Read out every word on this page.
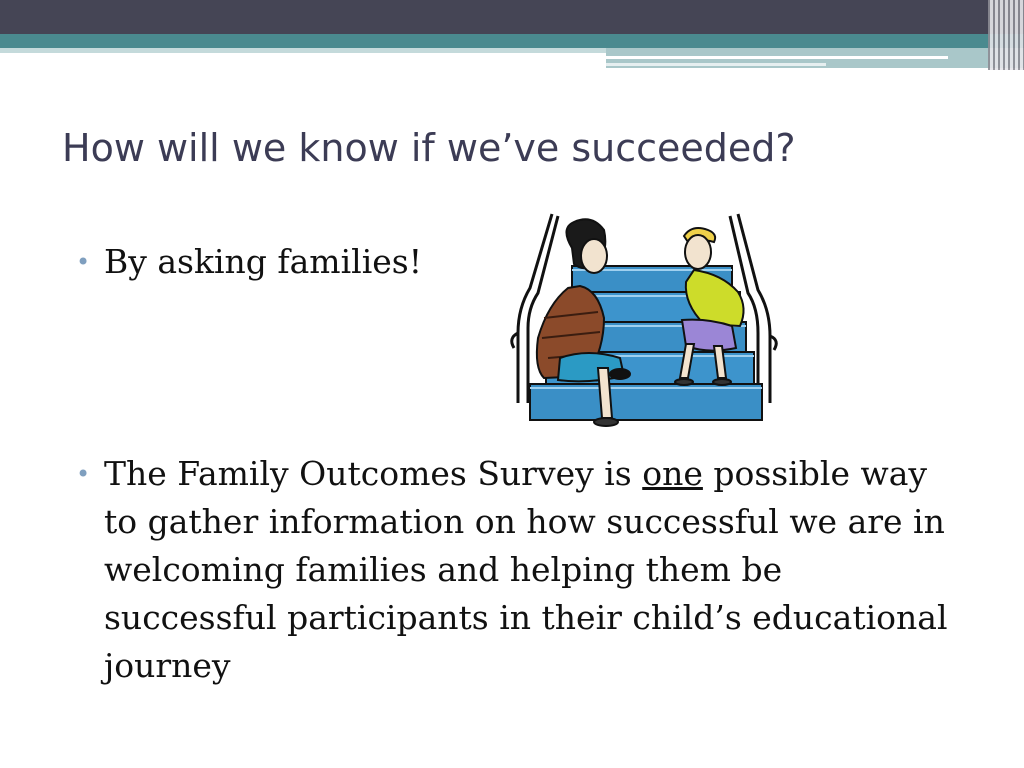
How will we know if we’ve succeeded?
• By asking families!
• The Family Outcomes Survey is one possible way to gather information on how successful we are in welcoming families and helping them be successful participants in their child’s educational journey
